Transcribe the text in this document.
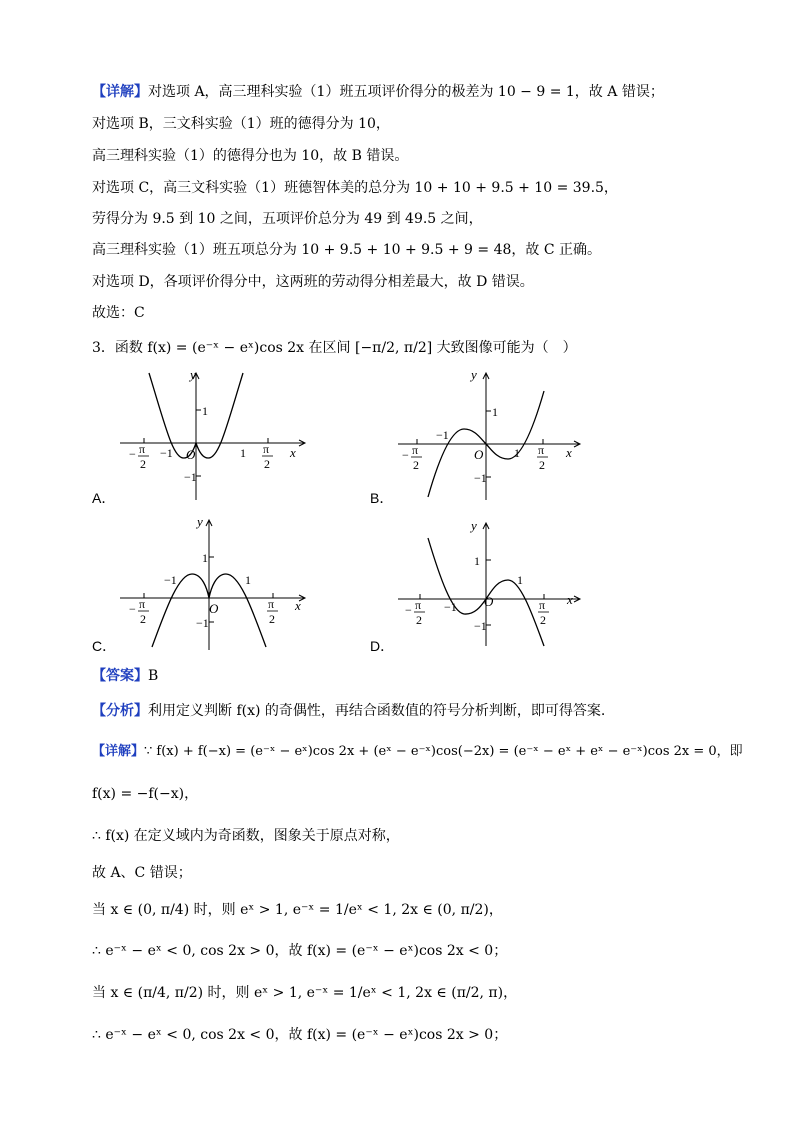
【详解】对选项 A，高三理科实验（1）班五项评价得分的极差为 10 − 9 = 1，故 A 错误；
对选项 B，三文科实验（1）班的德得分为 10，
高三理科实验（1）的德得分也为 10，故 B 错误。
对选项 C，高三文科实验（1）班德智体美的总分为 10 + 10 + 9.5 + 10 = 39.5，
劳得分为 9.5 到 10 之间，五项评价总分为 49 到 49.5 之间，
高三理科实验（1）班五项总分为 10 + 9.5 + 10 + 9.5 + 9 = 48，故 C 正确。
对选项 D，各项评价得分中，这两班的劳动得分相差最大，故 D 错误。
故选：C
3．函数 f(x) = (e⁻ˣ − eˣ)cos 2x 在区间 [−π/2, π/2] 大致图像可能为（　）
y
x
O
1
−1
−1	1
− π
2
π
2
A．
y
x
O
1
−1
−1
1
− π
2
π
2
B．
y
x
O
1
−1
−1	1
− π
2
π
2
C．
y
x
O
1
−1
−1
1
− π
2
π
2
D．
【答案】B
【分析】利用定义判断 f(x) 的奇偶性，再结合函数值的符号分析判断，即可得答案.
【详解】∵ f(x) + f(−x) = (e⁻ˣ − eˣ)cos 2x + (eˣ − e⁻ˣ)cos(−2x) = (e⁻ˣ − eˣ + eˣ − e⁻ˣ)cos 2x = 0，即
f(x) = −f(−x)，
∴ f(x) 在定义域内为奇函数，图象关于原点对称，
故 A、C 错误；
当 x ∈ (0, π/4) 时，则 eˣ > 1, e⁻ˣ = 1/eˣ < 1, 2x ∈ (0, π/2)，
∴ e⁻ˣ − eˣ < 0, cos 2x > 0，故 f(x) = (e⁻ˣ − eˣ)cos 2x < 0；
当 x ∈ (π/4, π/2) 时，则 eˣ > 1, e⁻ˣ = 1/eˣ < 1, 2x ∈ (π/2, π)，
∴ e⁻ˣ − eˣ < 0, cos 2x < 0，故 f(x) = (e⁻ˣ − eˣ)cos 2x > 0；
